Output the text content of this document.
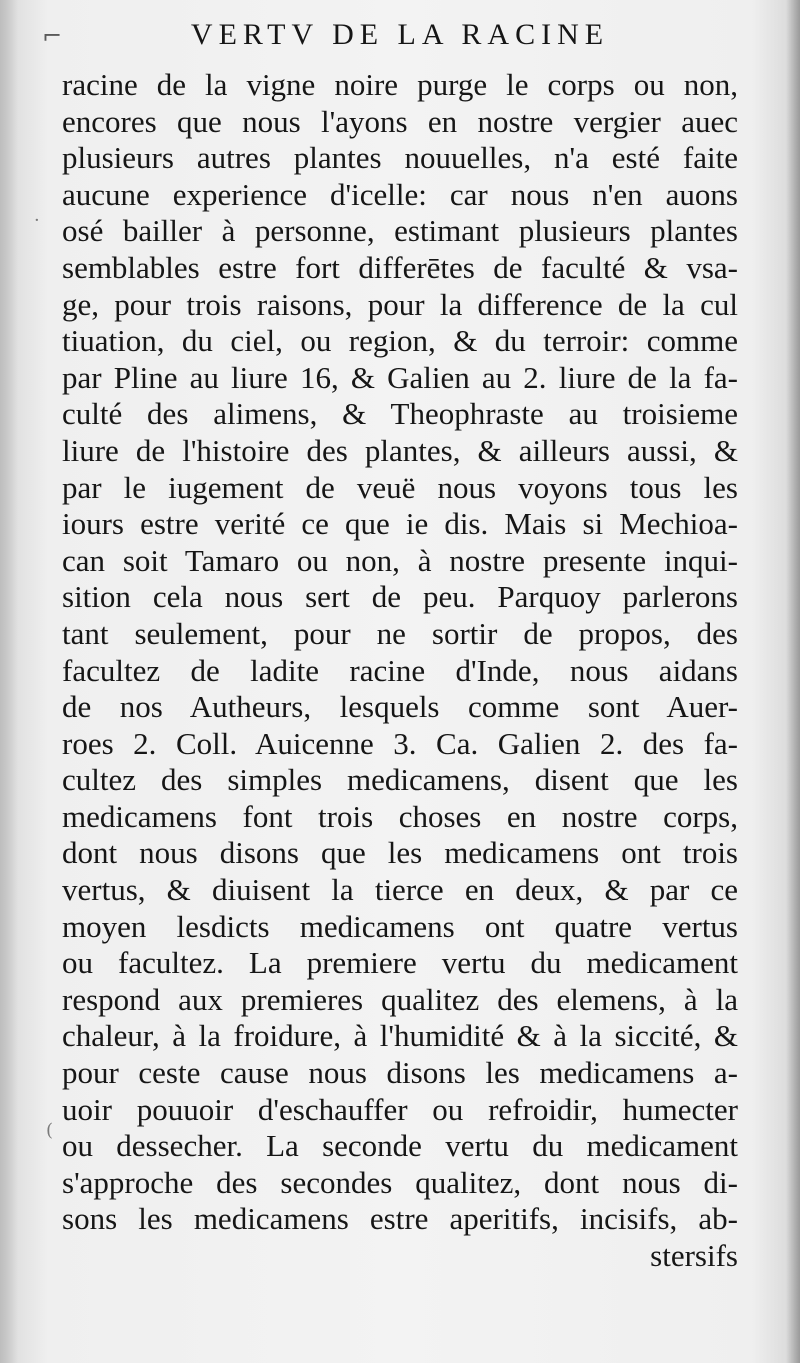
⌐	VERTV DE LA RACINE
racine de la vigne noire purge le corps ou non,
encores que nous l'ayons en nostre vergier auec
plusieurs autres plantes nouuelles, n'a esté faite
aucune experience d'icelle: car nous n'en auons
osé bailler à personne, estimant plusieurs plantes
semblables estre fort differētes de faculté & vsa-
ge, pour trois raisons, pour la difference de la cul
tiuation, du ciel, ou region, & du terroir: comme
par Pline au liure 16, & Galien au 2. liure de la fa-
culté des alimens, & Theophraste au troisieme
liure de l'histoire des plantes, & ailleurs aussi, &
par le iugement de veuë nous voyons tous les
iours estre verité ce que ie dis. Mais si Mechioa-
can soit Tamaro ou non, à nostre presente inqui-
sition cela nous sert de peu. Parquoy parlerons
tant seulement, pour ne sortir de propos, des
facultez de ladite racine d'Inde, nous aidans
de nos Autheurs, lesquels comme sont Auer-
roes 2. Coll. Auicenne 3. Ca. Galien 2. des fa-
cultez des simples medicamens, disent que les
medicamens font trois choses en nostre corps,
dont nous disons que les medicamens ont trois
vertus, & diuisent la tierce en deux, & par ce
moyen lesdicts medicamens ont quatre vertus
ou facultez. La premiere vertu du medicament
respond aux premieres qualitez des elemens, à la
chaleur, à la froidure, à l'humidité & à la siccité, &
pour ceste cause nous disons les medicamens a-
uoir pouuoir d'eschauffer ou refroidir, humecter
ou dessecher. La seconde vertu du medicament
s'approche des secondes qualitez, dont nous di-
sons les medicamens estre aperitifs, incisifs, ab-
stersifs
·
(
